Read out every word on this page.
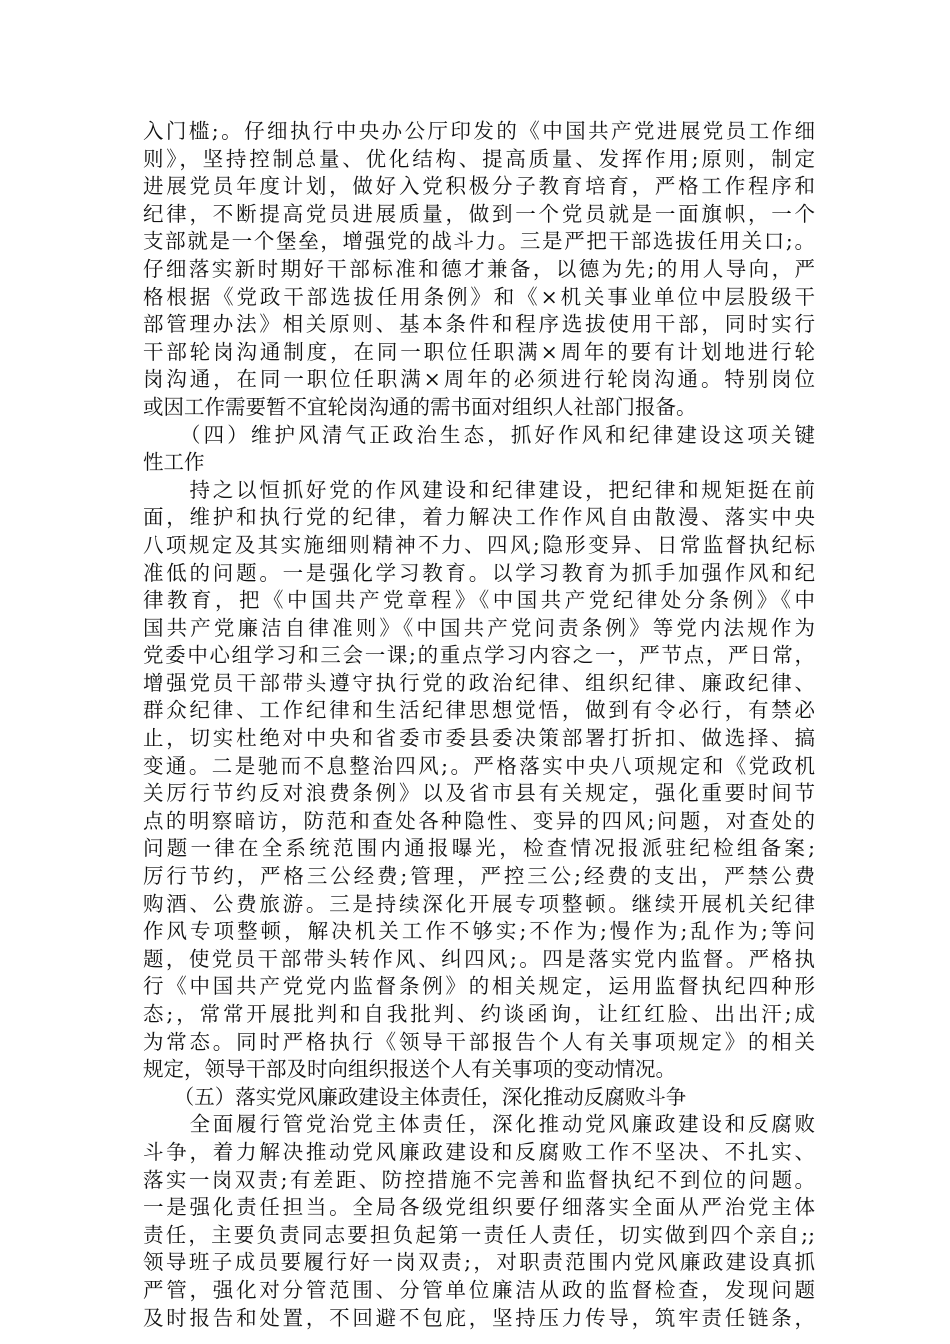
入门槛;。仔细执行中央办公厅印发的《中国共产党进展党员工作细
则》，坚持控制总量、优化结构、提高质量、发挥作用;原则，制定
进展党员年度计划，做好入党积极分子教育培育，严格工作程序和
纪律，不断提高党员进展质量，做到一个党员就是一面旗帜，一个
支部就是一个堡垒，增强党的战斗力。三是严把干部选拔任用关口;。
仔细落实新时期好干部标准和德才兼备，以德为先;的用人导向，严
格根据《党政干部选拔任用条例》和《×机关事业单位中层股级干
部管理办法》相关原则、基本条件和程序选拔使用干部，同时实行
干部轮岗沟通制度，在同一职位任职满×周年的要有计划地进行轮
岗沟通，在同一职位任职满×周年的必须进行轮岗沟通。特别岗位
或因工作需要暂不宜轮岗沟通的需书面对组织人社部门报备。
　　（四）维护风清气正政治生态，抓好作风和纪律建设这项关键
性工作
　　持之以恒抓好党的作风建设和纪律建设，把纪律和规矩挺在前
面，维护和执行党的纪律，着力解决工作作风自由散漫、落实中央
八项规定及其实施细则精神不力、四风;隐形变异、日常监督执纪标
准低的问题。一是强化学习教育。以学习教育为抓手加强作风和纪
律教育，把《中国共产党章程》《中国共产党纪律处分条例》《中
国共产党廉洁自律准则》《中国共产党问责条例》等党内法规作为
党委中心组学习和三会一课;的重点学习内容之一，严节点，严日常，
增强党员干部带头遵守执行党的政治纪律、组织纪律、廉政纪律、
群众纪律、工作纪律和生活纪律思想觉悟，做到有令必行，有禁必
止，切实杜绝对中央和省委市委县委决策部署打折扣、做选择、搞
变通。二是驰而不息整治四风;。严格落实中央八项规定和《党政机
关厉行节约反对浪费条例》以及省市县有关规定，强化重要时间节
点的明察暗访，防范和查处各种隐性、变异的四风;问题，对查处的
问题一律在全系统范围内通报曝光，检查情况报派驻纪检组备案;
厉行节约，严格三公经费;管理，严控三公;经费的支出，严禁公费
购酒、公费旅游。三是持续深化开展专项整顿。继续开展机关纪律
作风专项整顿，解决机关工作不够实;不作为;慢作为;乱作为;等问
题，使党员干部带头转作风、纠四风;。四是落实党内监督。严格执
行《中国共产党党内监督条例》的相关规定，运用监督执纪四种形
态;，常常开展批判和自我批判、约谈函询，让红红脸、出出汗;成
为常态。同时严格执行《领导干部报告个人有关事项规定》的相关
规定，领导干部及时向组织报送个人有关事项的变动情况。
　　（五）落实党风廉政建设主体责任，深化推动反腐败斗争
　　全面履行管党治党主体责任，深化推动党风廉政建设和反腐败
斗争，着力解决推动党风廉政建设和反腐败工作不坚决、不扎实、
落实一岗双责;有差距、防控措施不完善和监督执纪不到位的问题。
一是强化责任担当。全局各级党组织要仔细落实全面从严治党主体
责任，主要负责同志要担负起第一责任人责任，切实做到四个亲自;;
领导班子成员要履行好一岗双责;，对职责范围内党风廉政建设真抓
严管，强化对分管范围、分管单位廉洁从政的监督检查，发现问题
及时报告和处置，不回避不包庇，坚持压力传导，筑牢责任链条，
